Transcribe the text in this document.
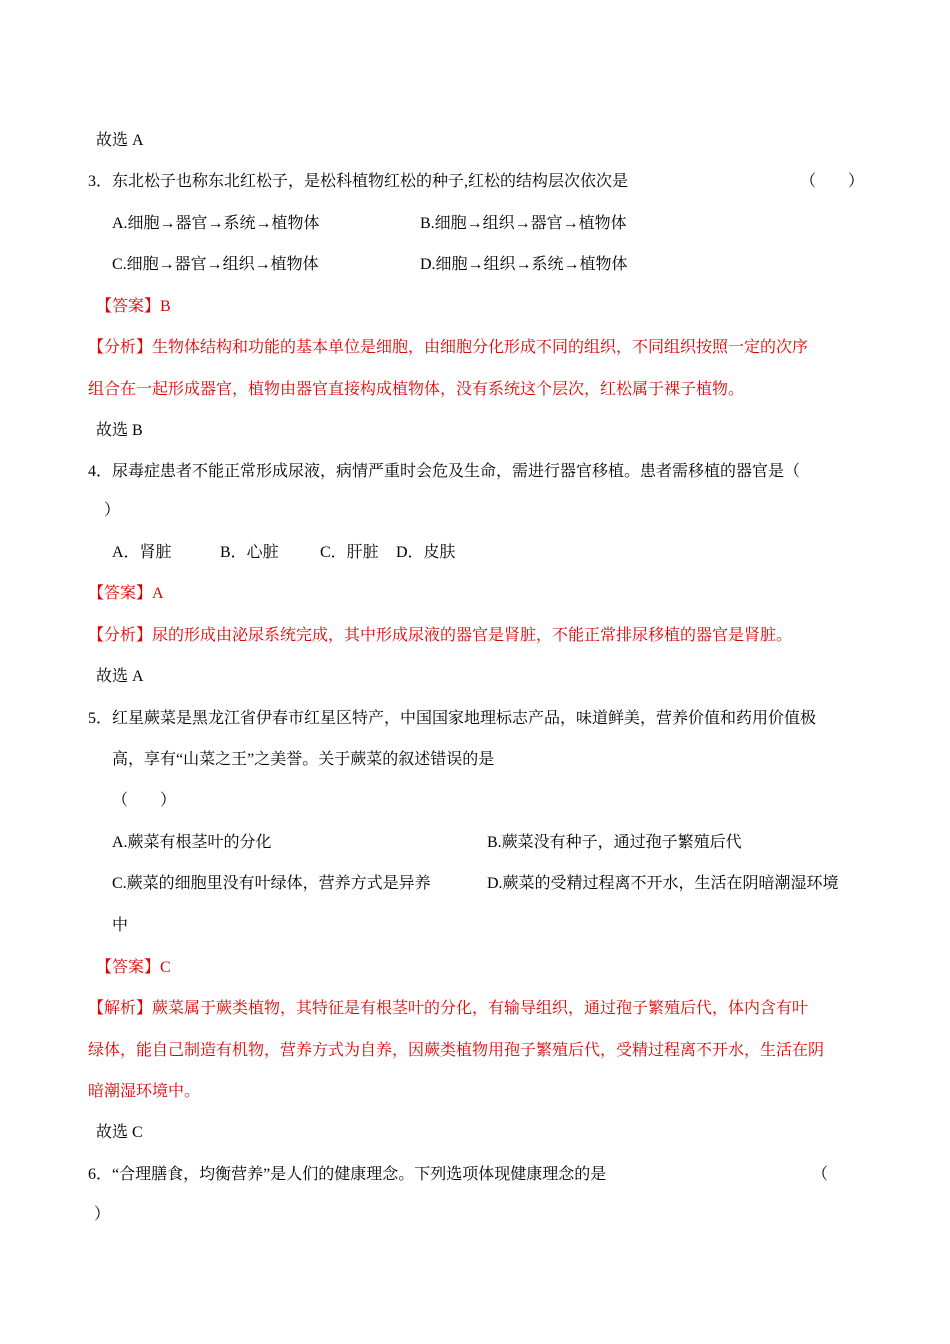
故选 A
3． 东北松子也称东北红松子，是松科植物红松的种子,红松的结构层次依次是	（　　）
A.细胞→器官→系统→植物体	B.细胞→组织→器官→植物体
C.细胞→器官→组织→植物体	D.细胞→组织→系统→植物体
【答案】B
【分析】生物体结构和功能的基本单位是细胞，由细胞分化形成不同的组织，不同组织按照一定的次序
组合在一起形成器官，植物由器官直接构成植物体，没有系统这个层次，红松属于裸子植物。
故选 B
4． 尿毒症患者不能正常形成尿液，病情严重时会危及生命，需进行器官移植。患者需移植的器官是（
）
A．肾脏	B．心脏	C．肝脏 D．皮肤
【答案】A
【分析】尿的形成由泌尿系统完成，其中形成尿液的器官是肾脏，不能正常排尿移植的器官是肾脏。
故选 A
5． 红星蕨菜是黑龙江省伊春市红星区特产，中国国家地理标志产品，味道鲜美，营养价值和药用价值极
高，享有“山菜之王”之美誉。关于蕨菜的叙述错误的是
（　　）
A.蕨菜有根茎叶的分化	B.蕨菜没有种子，通过孢子繁殖后代
C.蕨菜的细胞里没有叶绿体，营养方式是异养	D.蕨菜的受精过程离不开水，生活在阴暗潮湿环境
中
【答案】C
【解析】蕨菜属于蕨类植物，其特征是有根茎叶的分化，有输导组织，通过孢子繁殖后代，体内含有叶
绿体，能自己制造有机物，营养方式为自养，因蕨类植物用孢子繁殖后代，受精过程离不开水，生活在阴
暗潮湿环境中。
故选 C
6． “合理膳食，均衡营养”是人们的健康理念。下列选项体现健康理念的是	（
）
